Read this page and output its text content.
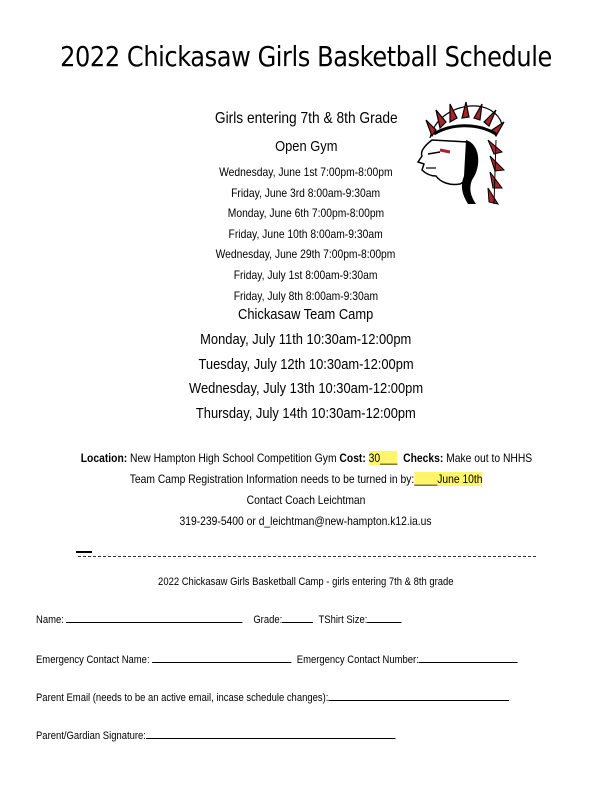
2022 Chickasaw Girls Basketball Schedule
Girls entering 7th & 8th Grade
Open Gym
Wednesday, June 1st 7:00pm-8:00pm
Friday, June 3rd 8:00am-9:30am
Monday, June 6th 7:00pm-8:00pm
Friday, June 10th 8:00am-9:30am
Wednesday, June 29th 7:00pm-8:00pm
Friday, July 1st 8:00am-9:30am
Friday, July 8th 8:00am-9:30am
Chickasaw Team Camp
Monday, July 11th 10:30am-12:00pm
Tuesday, July 12th 10:30am-12:00pm
Wednesday, July 13th 10:30am-12:00pm
Thursday, July 14th 10:30am-12:00pm
Location: New Hampton High School Competition Gym Cost: 30___ Checks: Make out to NHHS
Team Camp Registration Information needs to be turned in by:____June 10th
Contact Coach Leichtman
319-239-5400 or d_leichtman@new-hampton.k12.ia.us
2022 Chickasaw Girls Basketball Camp - girls entering 7th & 8th grade
Name:	Grade:	TShirt Size:
Emergency Contact Name:	Emergency Contact Number:
Parent Email (needs to be an active email, incase schedule changes):
Parent/Gardian Signature:
